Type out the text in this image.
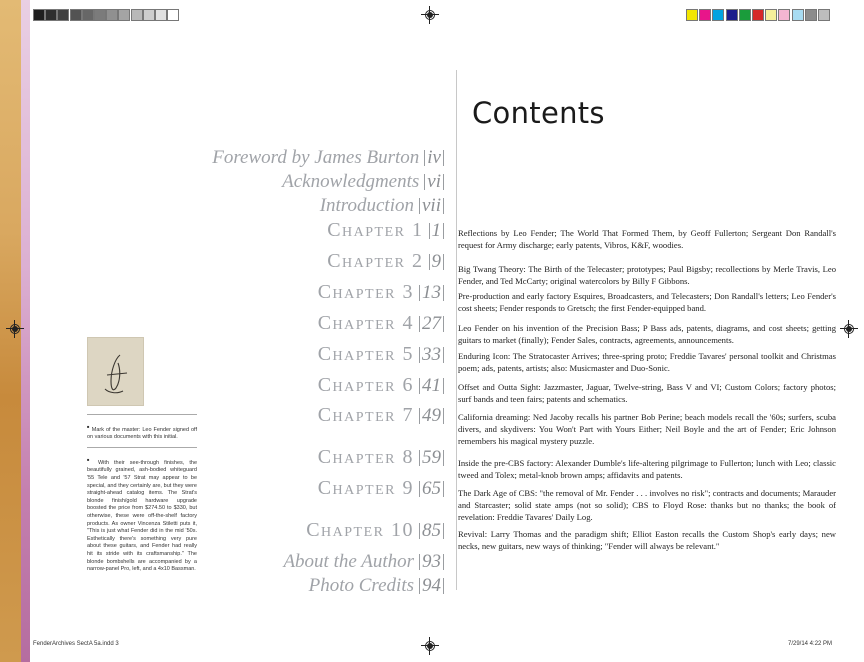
Contents
Foreword by James Burton iv
Acknowledgments vi
Introduction vii
Chapter 1 1
Chapter 2 9
Chapter 3 13
Chapter 4 27
Chapter 5 33
Chapter 6 41
Chapter 7 49
Chapter 8 59
Chapter 9 65
Chapter 10 85
About the Author 93
Photo Credits 94
Reflections by Leo Fender; The World That Formed Them, by Geoff Fullerton; Sergeant Don Randall's request for Army discharge; early patents, Vibros, K&F, woodies.
Big Twang Theory: The Birth of the Telecaster; prototypes; Paul Bigsby; recollections by Merle Travis, Leo Fender, and Ted McCarty; original watercolors by Billy F Gibbons.
Pre-production and early factory Esquires, Broadcasters, and Telecasters; Don Randall's letters; Leo Fender's cost sheets; Fender responds to Gretsch; the first Fender-equipped band.
Leo Fender on his invention of the Precision Bass; P Bass ads, patents, diagrams, and cost sheets; getting guitars to market (finally); Fender Sales, contracts, agreements, announcements.
Enduring Icon: The Stratocaster Arrives; three-spring proto; Freddie Tavares' personal toolkit and Christmas poem; ads, patents, artists; also: Musicmaster and Duo-Sonic.
Offset and Outta Sight: Jazzmaster, Jaguar, Twelve-string, Bass V and VI; Custom Colors; factory photos; surf bands and teen fairs; patents and schematics.
California dreaming: Ned Jacoby recalls his partner Bob Perine; beach models recall the '60s; surfers, scuba divers, and skydivers: You Won't Part with Yours Either; Neil Boyle and the art of Fender; Eric Johnson remembers his magical mystery puzzle.
Inside the pre-CBS factory: Alexander Dumble's life-altering pilgrimage to Fullerton; lunch with Leo; classic tweed and Tolex; metal-knob brown amps; affidavits and patents.
The Dark Age of CBS: "the removal of Mr. Fender . . . involves no risk"; contracts and documents; Marauder and Starcaster; solid state amps (not so solid); CBS to Floyd Rose: thanks but no thanks; the book of revelation: Freddie Tavares' Daily Log.
Revival: Larry Thomas and the paradigm shift; Elliot Easton recalls the Custom Shop's early days; new necks, new guitars, new ways of thinking; "Fender will always be relevant."
■ Mark of the master: Leo Fender signed off on various documents with this initial.
■ With their see-through finishes, the beautifully grained, ash-bodied whiteguard '55 Tele and '57 Strat may appear to be special, and they certainly are, but they were straight-ahead catalog items. The Strat's blonde finish/gold hardware upgrade boosted the price from $274.50 to $330, but otherwise, these were off-the-shelf factory products. As owner Vincenza Stiletti puts it, "This is just what Fender did in the mid '50s. Esthetically there's something very pure about these guitars, and Fender had really hit its stride with its craftsmanship." The blonde bombshells are accompanied by a narrow-panel Pro, left, and a 4x10 Bassman.
FenderArchives SectA 5a.indd 3	7/29/14 4:22 PM
